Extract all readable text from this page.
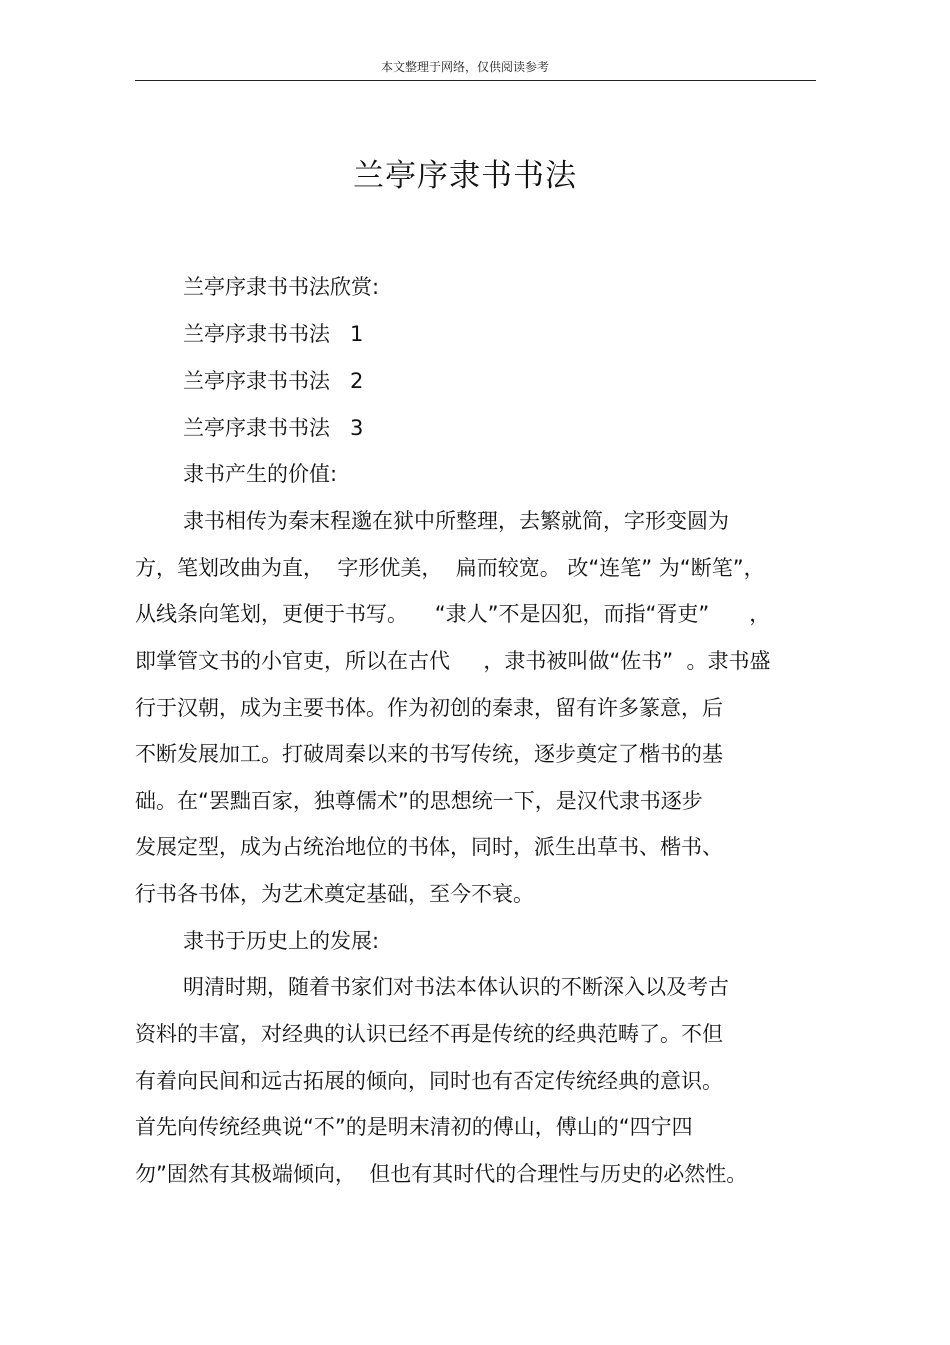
本文整理于网络，仅供阅读参考
兰亭序隶书书法
兰亭序隶书书法欣赏:
兰亭序隶书书法   1
兰亭序隶书书法   2
兰亭序隶书书法   3
隶书产生的价值:
隶书相传为秦末程邈在狱中所整理，去繁就简，字形变圆为
方，笔划改曲为直，  字形优美，  扁而较宽。 改“连笔” 为“断笔”，
从线条向笔划，更便于书写。    “隶人”不是囚犯，而指“胥吏”      ，
即掌管文书的小官吏，所以在古代     ，隶书被叫做“佐书”  。隶书盛
行于汉朝，成为主要书体。作为初创的秦隶，留有许多篆意，后
不断发展加工。打破周秦以来的书写传统，逐步奠定了楷书的基
础。在“罢黜百家，独尊儒术”的思想统一下，是汉代隶书逐步
发展定型，成为占统治地位的书体，同时，派生出草书、楷书、
行书各书体，为艺术奠定基础，至今不衰。
隶书于历史上的发展:
明清时期，随着书家们对书法本体认识的不断深入以及考古
资料的丰富，对经典的认识已经不再是传统的经典范畴了。不但
有着向民间和远古拓展的倾向，同时也有否定传统经典的意识。
首先向传统经典说“不”的是明末清初的傅山，傅山的“四宁四
勿”固然有其极端倾向，  但也有其时代的合理性与历史的必然性。
